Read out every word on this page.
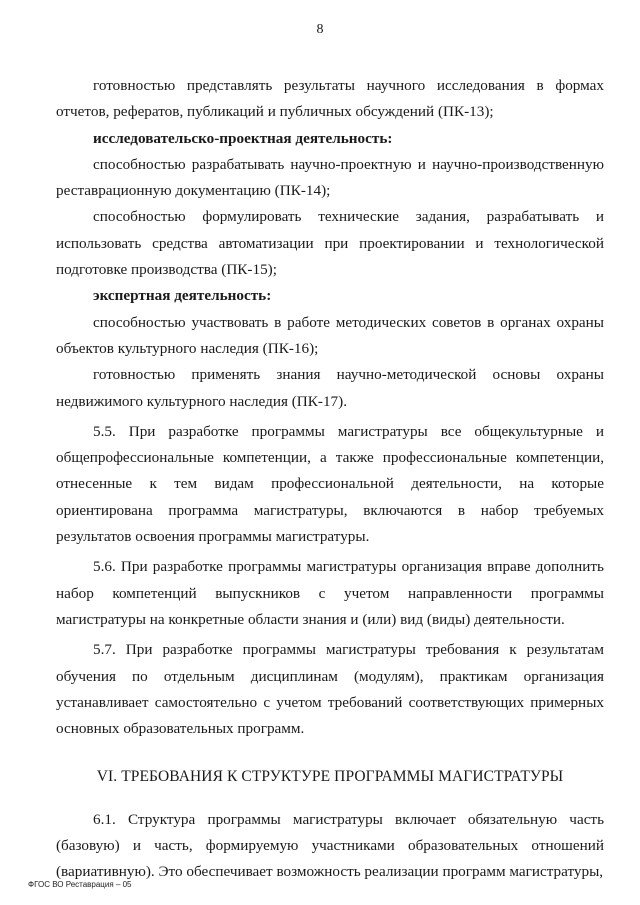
8

готовностью представлять результаты научного исследования в формах отчетов, рефератов, публикаций и публичных обсуждений (ПК-13);

исследовательско-проектная деятельность:

способностью разрабатывать научно-проектную и научно-производственную реставрационную документацию (ПК-14);

способностью формулировать технические задания, разрабатывать и использовать средства автоматизации при проектировании и технологической подготовке производства (ПК-15);

экспертная деятельность:

способностью участвовать в работе методических советов в органах охраны объектов культурного наследия (ПК-16);

готовностью применять знания научно-методической основы охраны недвижимого культурного наследия (ПК-17).

5.5. При разработке программы магистратуры все общекультурные и общепрофессиональные компетенции, а также профессиональные компетенции, отнесенные к тем видам профессиональной деятельности, на которые ориентирована программа магистратуры, включаются в набор требуемых результатов освоения программы магистратуры.

5.6. При разработке программы магистратуры организация вправе дополнить набор компетенций выпускников с учетом направленности программы магистратуры на конкретные области знания и (или) вид (виды) деятельности.

5.7. При разработке программы магистратуры требования к результатам обучения по отдельным дисциплинам (модулям), практикам организация устанавливает самостоятельно с учетом требований соответствующих примерных основных образовательных программ.

VI. ТРЕБОВАНИЯ К СТРУКТУРЕ ПРОГРАММЫ МАГИСТРАТУРЫ

6.1. Структура программы магистратуры включает обязательную часть (базовую) и часть, формируемую участниками образовательных отношений (вариативную). Это обеспечивает возможность реализации программ магистратуры,

ФГОС ВО Реставрация – 05
